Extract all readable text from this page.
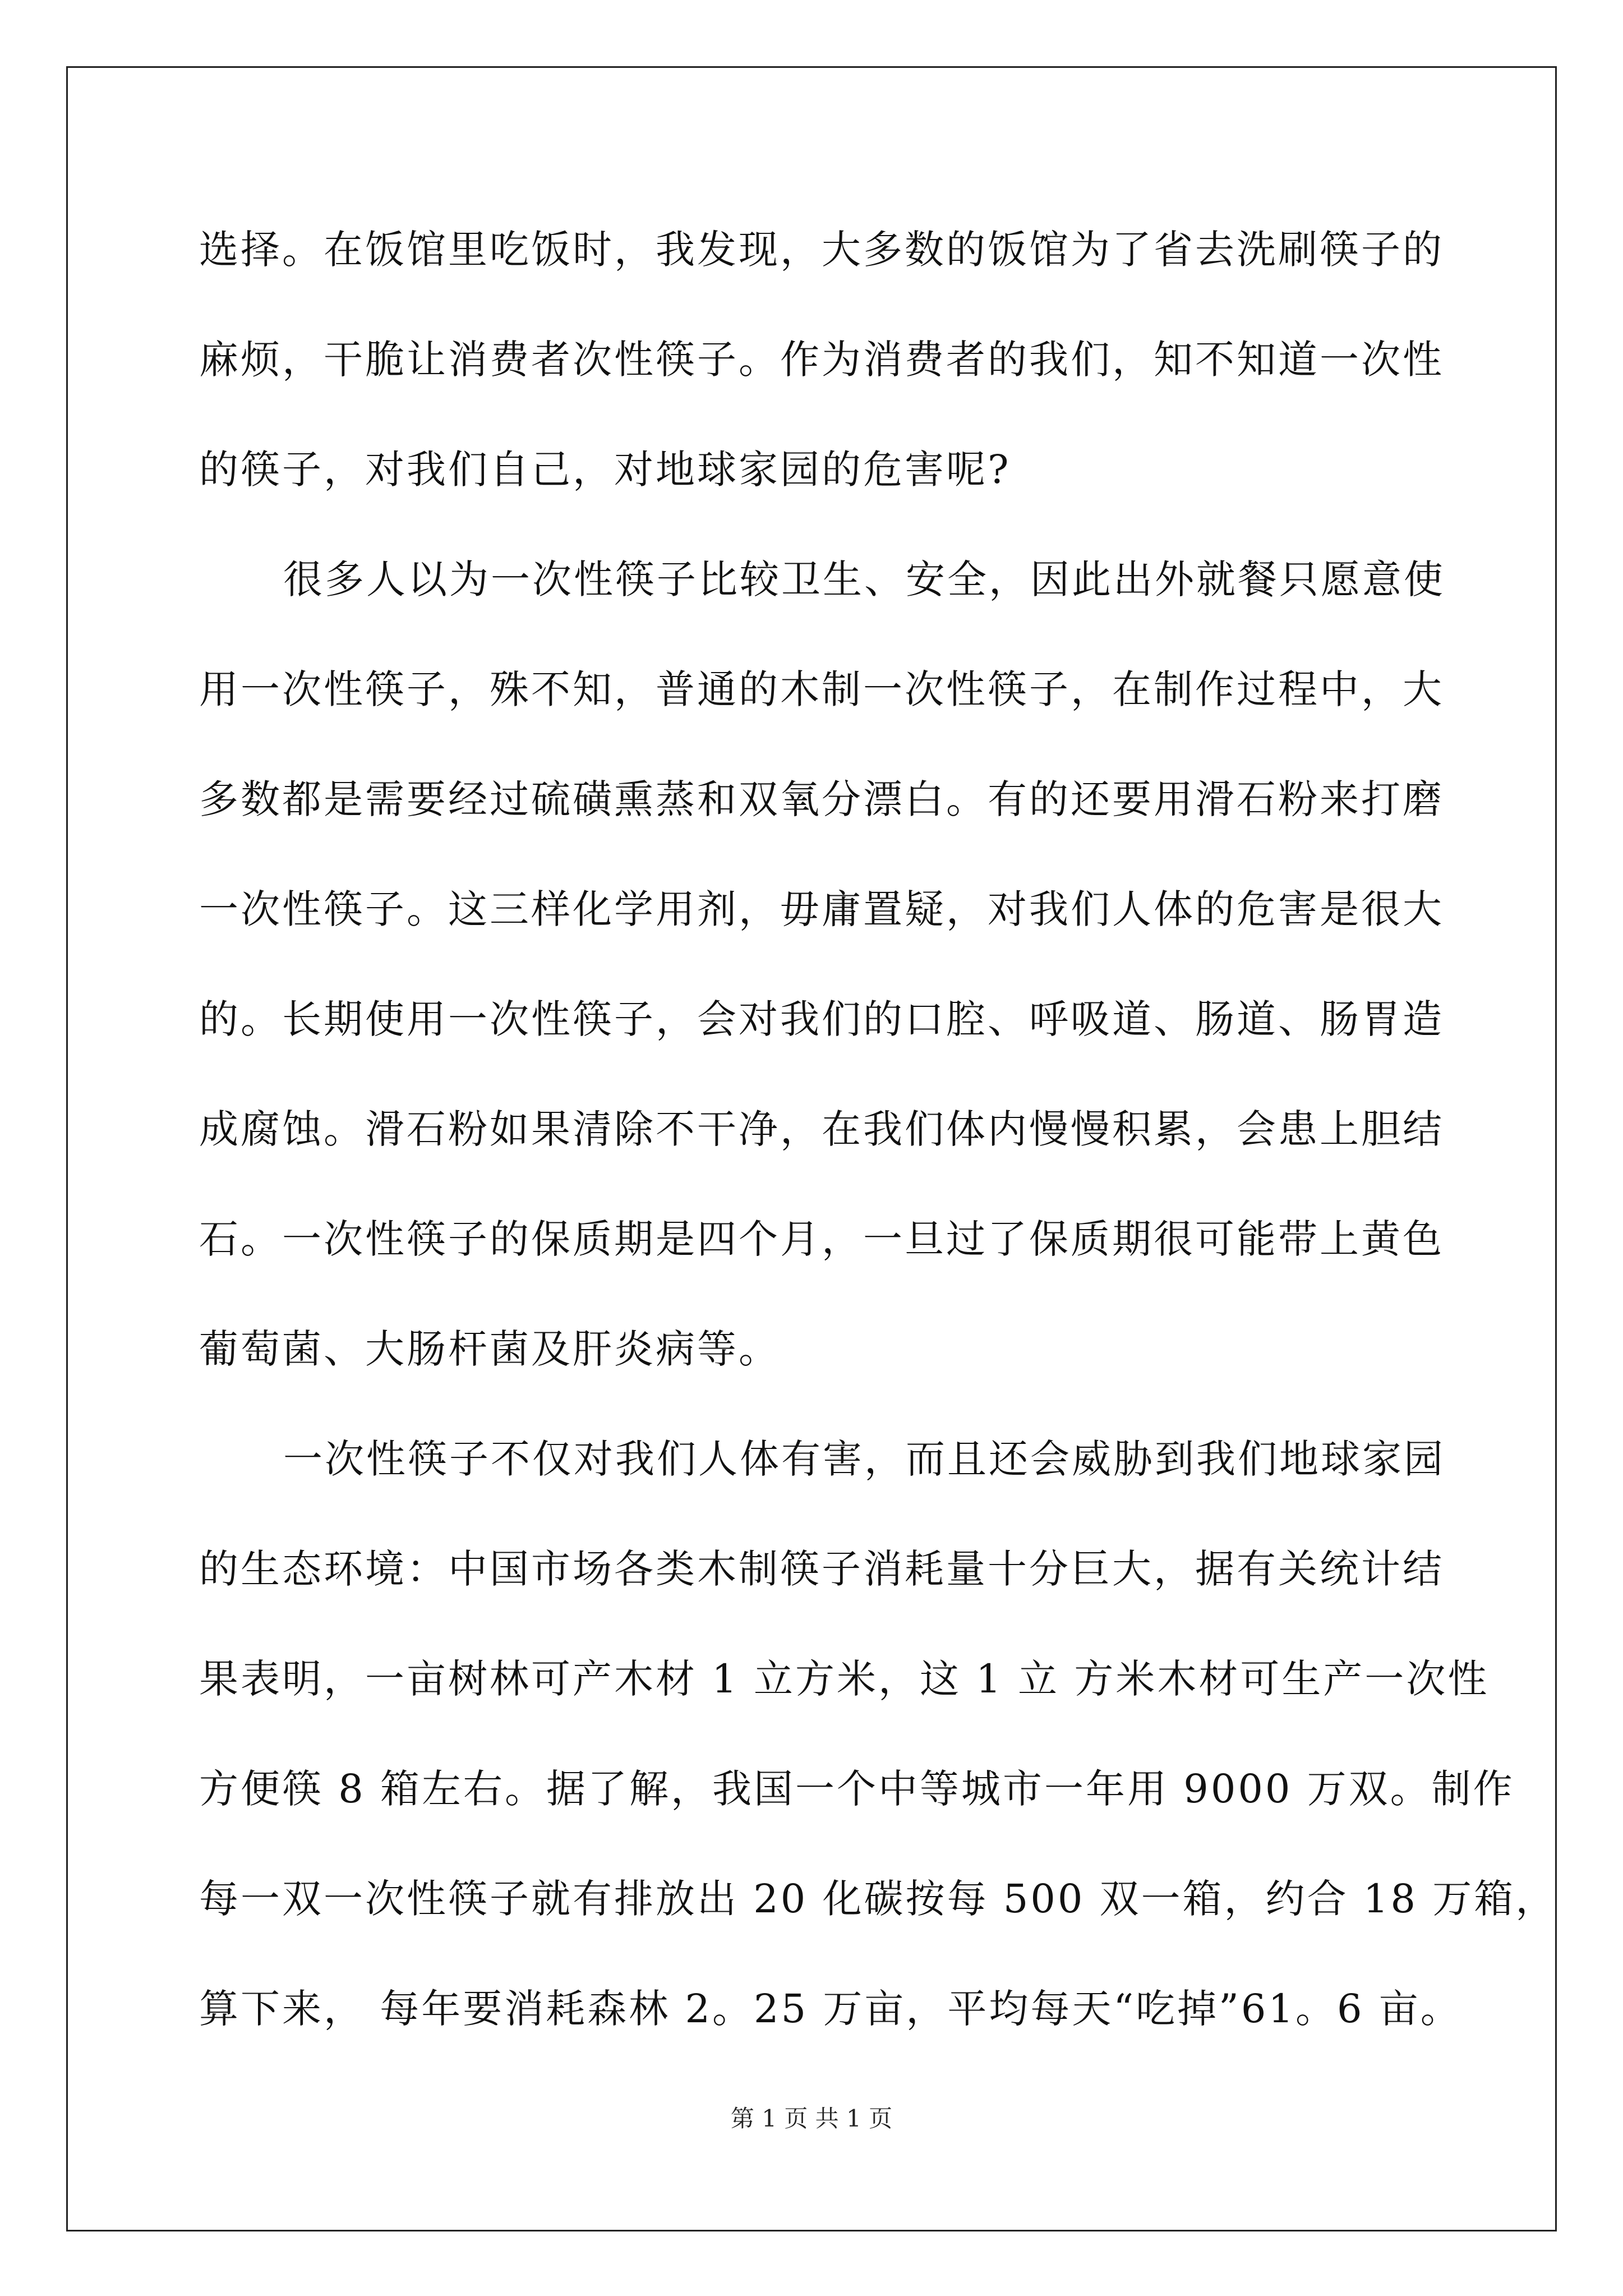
选择。在饭馆里吃饭时，我发现，大多数的饭馆为了省去洗刷筷子的
麻烦，干脆让消费者次性筷子。作为消费者的我们，知不知道一次性
的筷子，对我们自己，对地球家园的危害呢?
很多人以为一次性筷子比较卫生、安全，因此出外就餐只愿意使
用一次性筷子，殊不知，普通的木制一次性筷子，在制作过程中，大
多数都是需要经过硫磺熏蒸和双氧分漂白。有的还要用滑石粉来打磨
一次性筷子。这三样化学用剂，毋庸置疑，对我们人体的危害是很大
的。长期使用一次性筷子，会对我们的口腔、呼吸道、肠道、肠胃造
成腐蚀。滑石粉如果清除不干净，在我们体内慢慢积累，会患上胆结
石。一次性筷子的保质期是四个月，一旦过了保质期很可能带上黄色
葡萄菌、大肠杆菌及肝炎病等。
一次性筷子不仅对我们人体有害，而且还会威胁到我们地球家园
的生态环境：中国市场各类木制筷子消耗量十分巨大，据有关统计结
果表明，一亩树林可产木材 1 立方米，这 1 立 方米木材可生产一次性
方便筷 8 箱左右。据了解，我国一个中等城市一年用 9000 万双。制作
每一双一次性筷子就有排放出 20 化碳按每 500 双一箱，约合 18 万箱，
算下来， 每年要消耗森林 2。25 万亩，平均每天“吃掉”61。6 亩。
第 1 页 共 1 页
